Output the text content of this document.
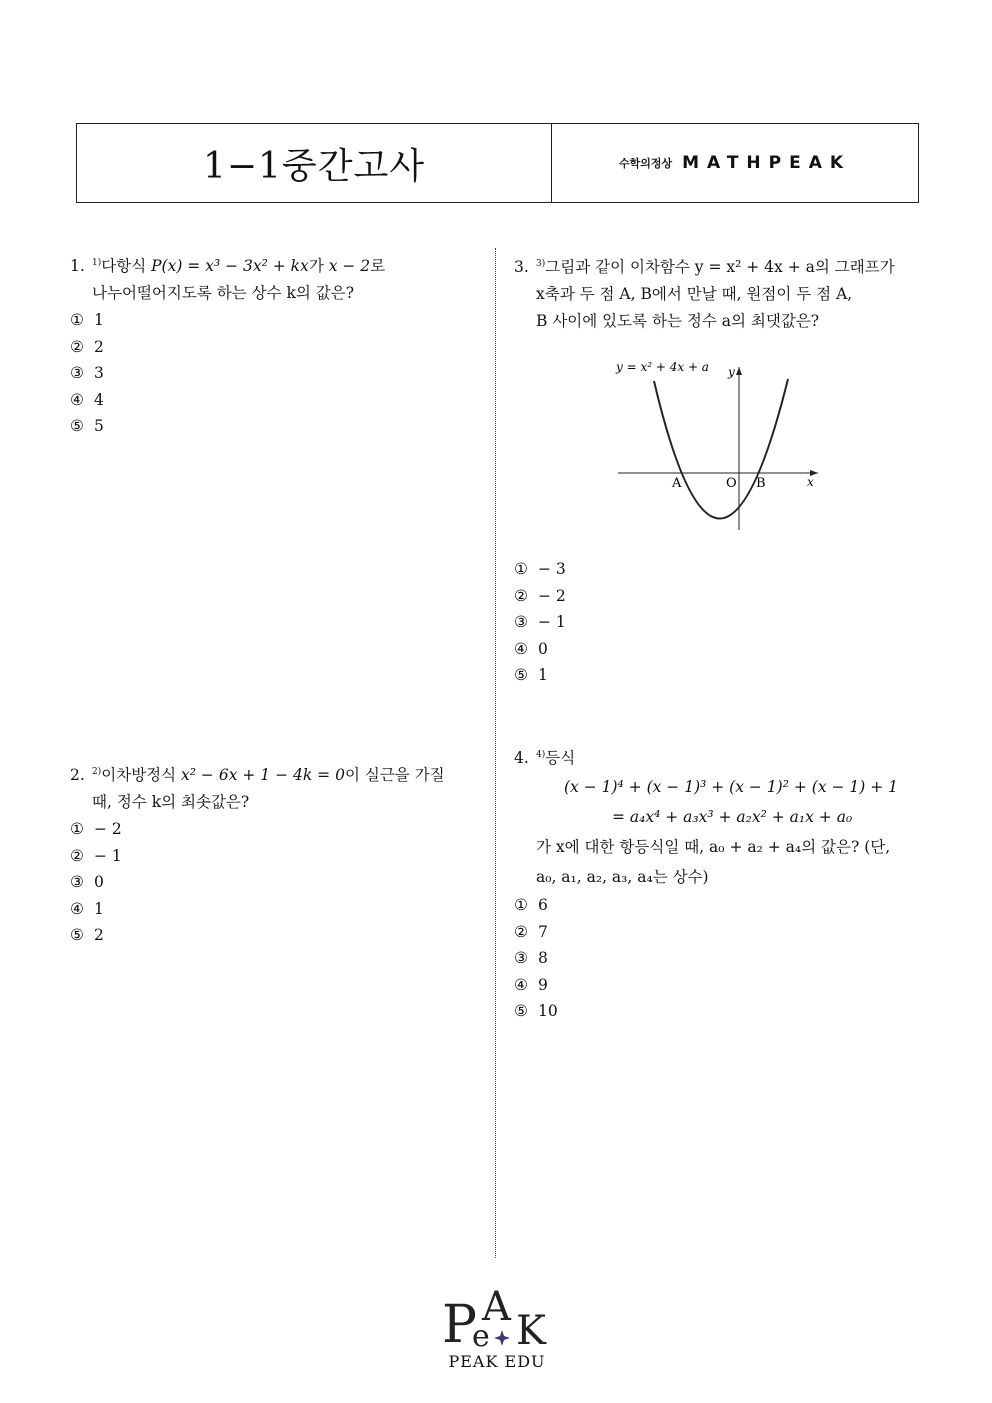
1−1중간고사	수학의정상 MATHPEAK
1. $^{1)}$다항식 P(x) = x³ − 3x² + kx가 x − 2로
나누어떨어지도록 하는 상수 k의 값은?
① 1
② 2
③ 3
④ 4
⑤ 5
2. $^{2)}$이차방정식 x² − 6x + 1 − 4k = 0이 실근을 가질
때, 정수 k의 최솟값은?
① − 2
② − 1
③ 0
④ 1
⑤ 2
3. $^{3)}$그림과 같이 이차함수 y = x² + 4x + a의 그래프가
x축과 두 점 A, B에서 만날 때, 원점이 두 점 A,
B 사이에 있도록 하는 정수 a의 최댓값은?
y = x² + 4x + a y
x
O
A	B
① − 3
② − 2
③ − 1
④ 0
⑤ 1
4. $^{4)}$등식
(x − 1)⁴ + (x − 1)³ + (x − 1)² + (x − 1) + 1
= a₄x⁴ + a₃x³ + a₂x² + a₁x + a₀
가 x에 대한 항등식일 때, a₀ + a₂ + a₄의 값은? (단,
a₀, a₁, a₂, a₃, a₄는 상수)
① 6
② 7
③ 8
④ 9
⑤ 10
P
e
A
K
PEAK EDU
